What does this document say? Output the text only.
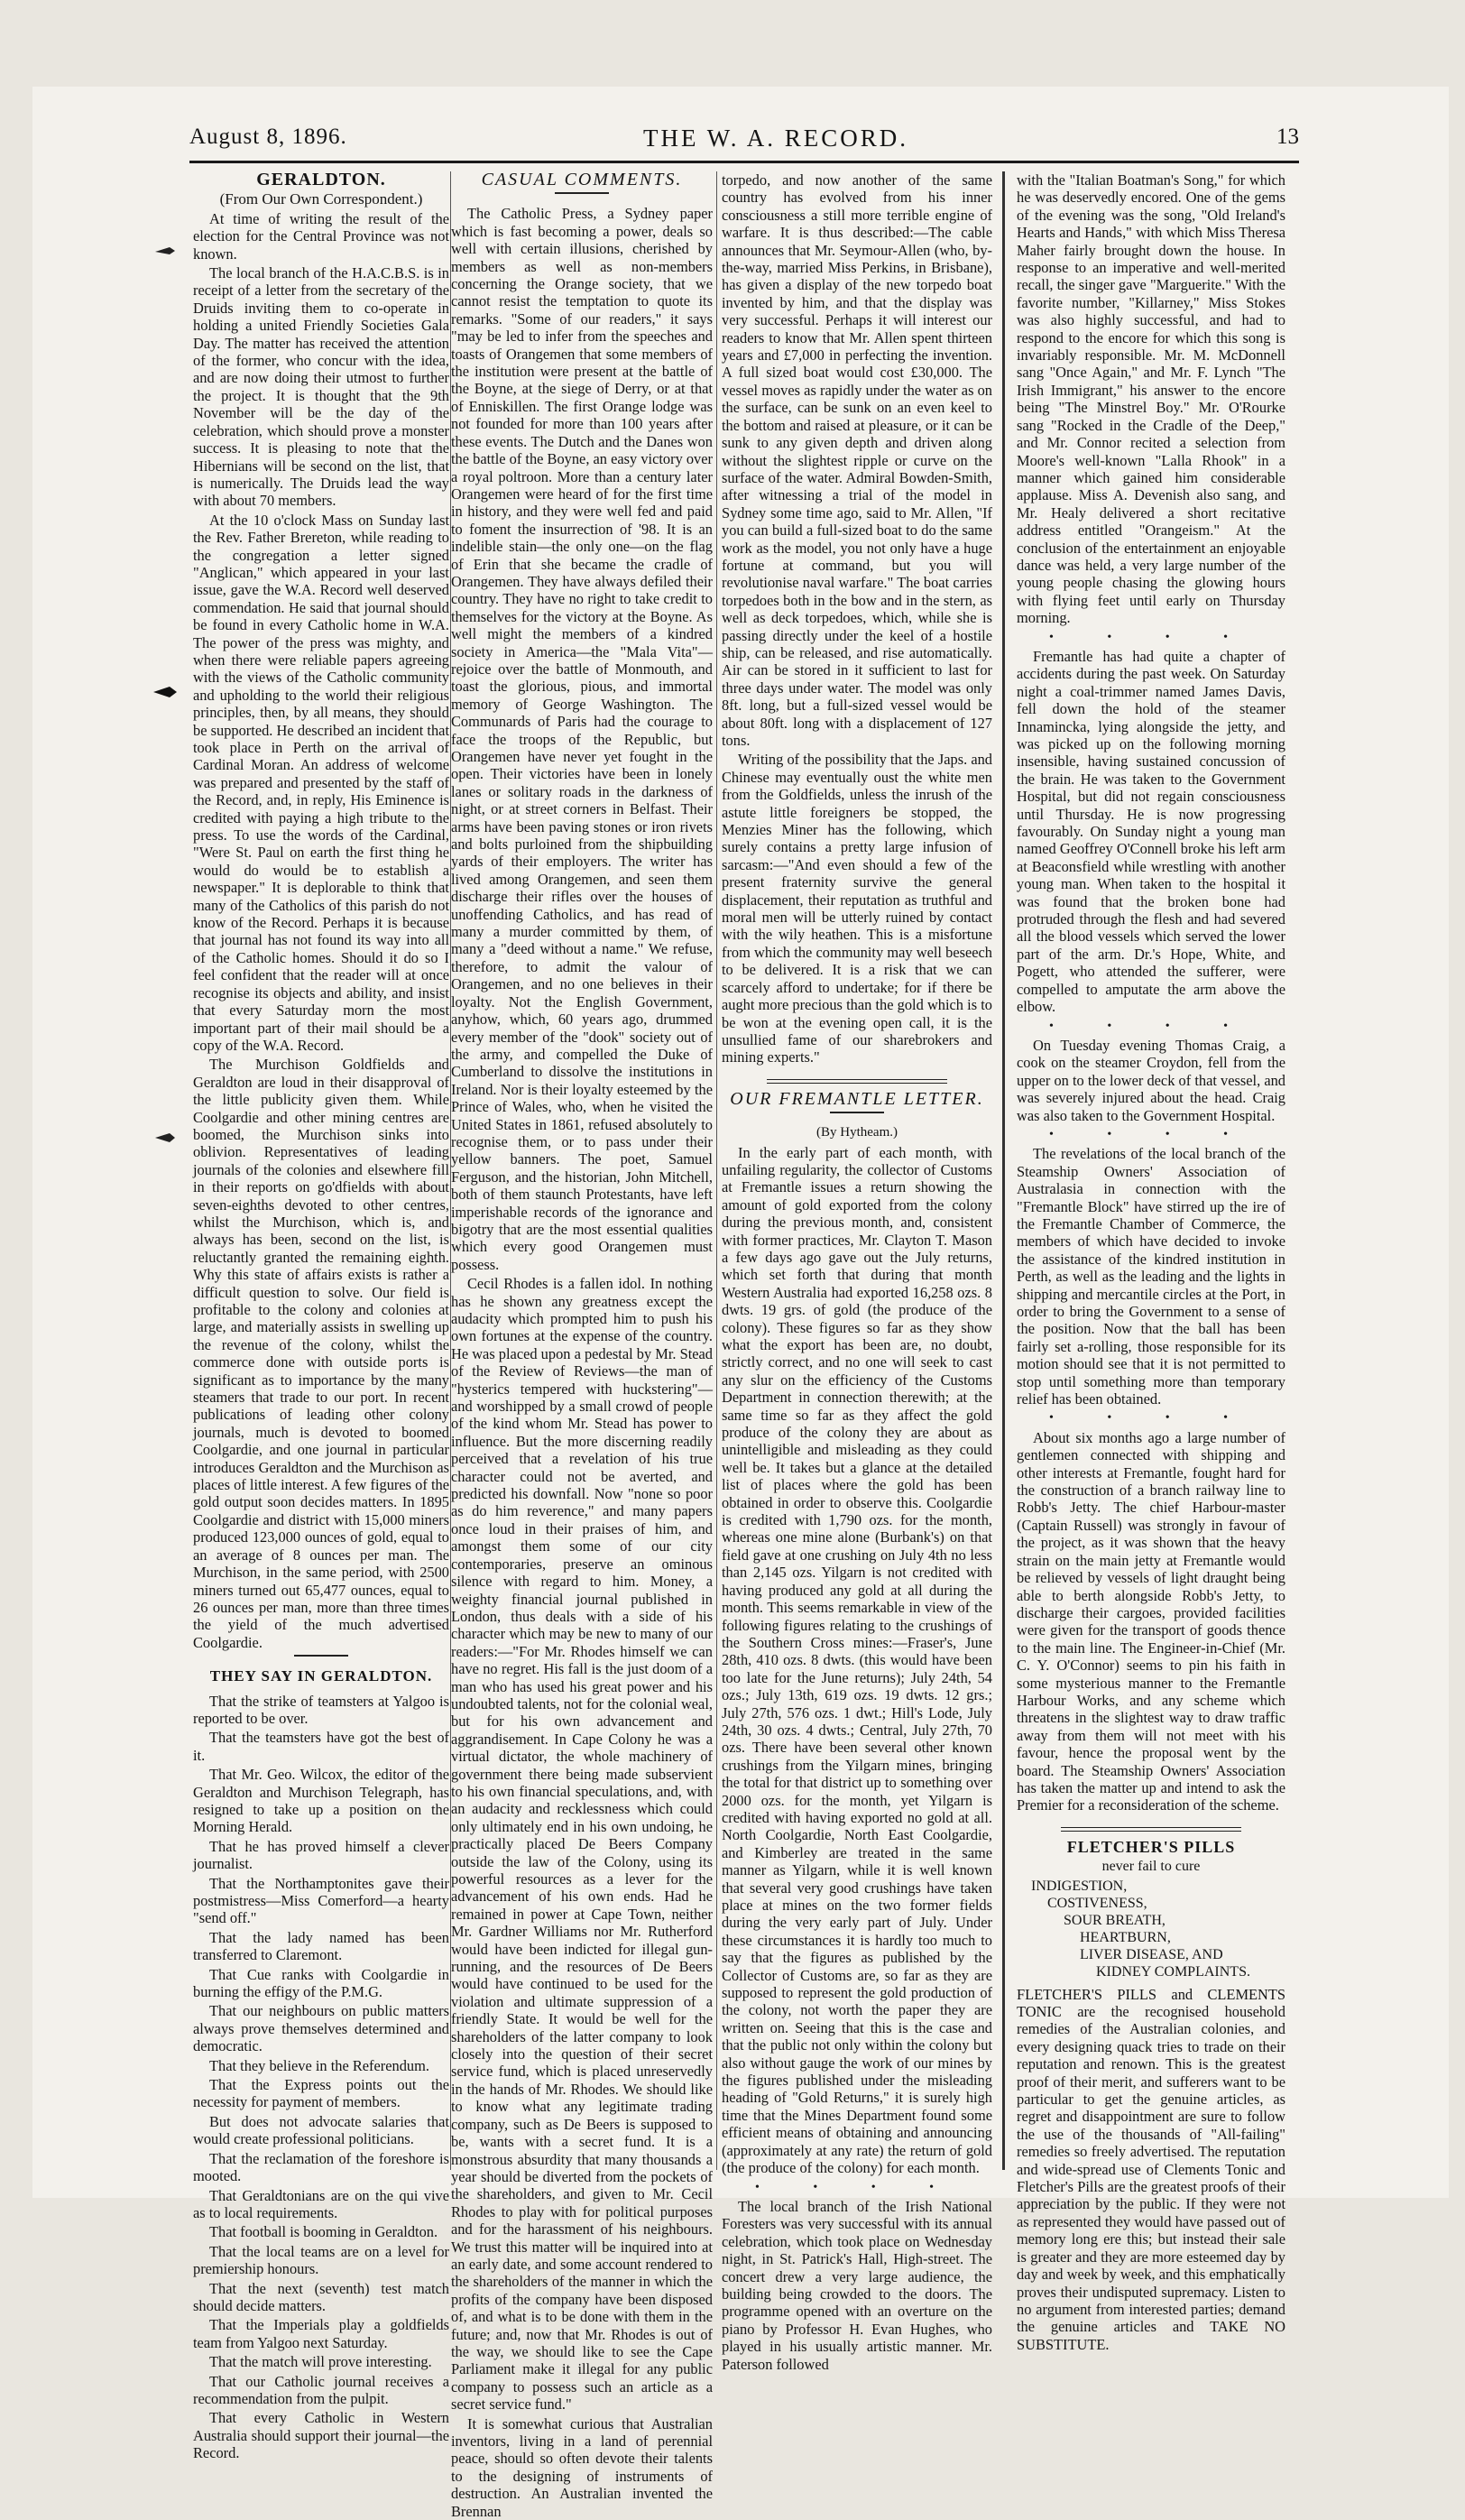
August 8, 1896.	THE W. A. RECORD.	13

GERALDTON.

(From Our Own Correspondent.)

At time of writing the result of the election for the Central Province was not known.

The local branch of the H.A.C.B.S. is in receipt of a letter from the secretary of the Druids inviting them to co-operate in holding a united Friendly Societies Gala Day. The matter has received the attention of the former, who concur with the idea, and are now doing their utmost to further the project. It is thought that the 9th November will be the day of the celebration, which should prove a monster success. It is pleasing to note that the Hibernians will be second on the list, that is numerically. The Druids lead the way with about 70 members.

At the 10 o'clock Mass on Sunday last the Rev. Father Brereton, while reading to the congregation a letter signed "Anglican," which appeared in your last issue, gave the W.A. Record well deserved commendation. He said that journal should be found in every Catholic home in W.A. The power of the press was mighty, and when there were reliable papers agreeing with the views of the Catholic community and upholding to the world their religious principles, then, by all means, they should be supported. He described an incident that took place in Perth on the arrival of Cardinal Moran. An address of welcome was prepared and presented by the staff of the Record, and, in reply, His Eminence is credited with paying a high tribute to the press. To use the words of the Cardinal, "Were St. Paul on earth the first thing he would do would be to establish a newspaper." It is deplorable to think that many of the Catholics of this parish do not know of the Record. Perhaps it is because that journal has not found its way into all of the Catholic homes. Should it do so I feel confident that the reader will at once recognise its objects and ability, and insist that every Saturday morn the most important part of their mail should be a copy of the W.A. Record.

The Murchison Goldfields and Geraldton are loud in their disapproval of the little publicity given them. While Coolgardie and other mining centres are boomed, the Murchison sinks into oblivion. Representatives of leading journals of the colonies and elsewhere fill in their reports on go'dfields with about seven-eighths devoted to other centres, whilst the Murchison, which is, and always has been, second on the list, is reluctantly granted the remaining eighth. Why this state of affairs exists is rather a difficult question to solve. Our field is profitable to the colony and colonies at large, and materially assists in swelling up the revenue of the colony, whilst the commerce done with outside ports is significant as to importance by the many steamers that trade to our port. In recent publications of leading other colony journals, much is devoted to boomed Coolgardie, and one journal in particular introduces Geraldton and the Murchison as places of little interest. A few figures of the gold output soon decides matters. In 1895 Coolgardie and district with 15,000 miners produced 123,000 ounces of gold, equal to an average of 8 ounces per man. The Murchison, in the same period, with 2500 miners turned out 65,477 ounces, equal to 26 ounces per man, more than three times the yield of the much advertised Coolgardie.

THEY SAY IN GERALDTON.

That the strike of teamsters at Yalgoo is reported to be over.

That the teamsters have got the best of it.

That Mr. Geo. Wilcox, the editor of the Geraldton and Murchison Telegraph, has resigned to take up a position on the Morning Herald.

That he has proved himself a clever journalist.

That the Northamptonites gave their postmistress—Miss Comerford—a hearty "send off."

That the lady named has been transferred to Claremont.

That Cue ranks with Coolgardie in burning the effigy of the P.M.G.

That our neighbours on public matters always prove themselves determined and democratic.

That they believe in the Referendum.

That the Express points out the necessity for payment of members.

But does not advocate salaries that would create professional politicians.

That the reclamation of the foreshore is mooted.

That Geraldtonians are on the qui vive as to local requirements.

That football is booming in Geraldton.

That the local teams are on a level for premiership honours.

That the next (seventh) test match should decide matters.

That the Imperials play a goldfields team from Yalgoo next Saturday.

That the match will prove interesting.

That our Catholic journal receives a recommendation from the pulpit.

That every Catholic in Western Australia should support their journal—the Record.

CASUAL COMMENTS.

The Catholic Press, a Sydney paper which is fast becoming a power, deals so well with certain illusions, cherished by members as well as non-members concerning the Orange society, that we cannot resist the temptation to quote its remarks. "Some of our readers," it says "may be led to infer from the speeches and toasts of Orangemen that some members of the institution were present at the battle of the Boyne, at the siege of Derry, or at that of Enniskillen. The first Orange lodge was not founded for more than 100 years after these events. The Dutch and the Danes won the battle of the Boyne, an easy victory over a royal poltroon. More than a century later Orangemen were heard of for the first time in history, and they were well fed and paid to foment the insurrection of '98. It is an indelible stain—the only one—on the flag of Erin that she became the cradle of Orangemen. They have always defiled their country. They have no right to take credit to themselves for the victory at the Boyne. As well might the members of a kindred society in America—the "Mala Vita"—rejoice over the battle of Monmouth, and toast the glorious, pious, and immortal memory of George Washington. The Communards of Paris had the courage to face the troops of the Republic, but Orangemen have never yet fought in the open. Their victories have been in lonely lanes or solitary roads in the darkness of night, or at street corners in Belfast. Their arms have been paving stones or iron rivets and bolts purloined from the shipbuilding yards of their employers. The writer has lived among Orangemen, and seen them discharge their rifles over the houses of unoffending Catholics, and has read of many a murder committed by them, of many a "deed without a name." We refuse, therefore, to admit the valour of Orangemen, and no one believes in their loyalty. Not the English Government, anyhow, which, 60 years ago, drummed every member of the "dook" society out of the army, and compelled the Duke of Cumberland to dissolve the institutions in Ireland. Nor is their loyalty esteemed by the Prince of Wales, who, when he visited the United States in 1861, refused absolutely to recognise them, or to pass under their yellow banners. The poet, Samuel Ferguson, and the historian, John Mitchell, both of them staunch Protestants, have left imperishable records of the ignorance and bigotry that are the most essential qualities which every good Orangemen must possess.

Cecil Rhodes is a fallen idol. In nothing has he shown any greatness except the audacity which prompted him to push his own fortunes at the expense of the country. He was placed upon a pedestal by Mr. Stead of the Review of Reviews—the man of "hysterics tempered with huckstering"—and worshipped by a small crowd of people of the kind whom Mr. Stead has power to influence. But the more discerning readily perceived that a revelation of his true character could not be averted, and predicted his downfall. Now "none so poor as do him reverence," and many papers once loud in their praises of him, and amongst them some of our city contemporaries, preserve an ominous silence with regard to him. Money, a weighty financial journal published in London, thus deals with a side of his character which may be new to many of our readers:—"For Mr. Rhodes himself we can have no regret. His fall is the just doom of a man who has used his great power and his undoubted talents, not for the colonial weal, but for his own advancement and aggrandisement. In Cape Colony he was a virtual dictator, the whole machinery of government there being made subservient to his own financial speculations, and, with an audacity and recklessness which could only ultimately end in his own undoing, he practically placed De Beers Company outside the law of the Colony, using its powerful resources as a lever for the advancement of his own ends. Had he remained in power at Cape Town, neither Mr. Gardner Williams nor Mr. Rutherford would have been indicted for illegal gun-running, and the resources of De Beers would have continued to be used for the violation and ultimate suppression of a friendly State. It would be well for the shareholders of the latter company to look closely into the question of their secret service fund, which is placed unreservedly in the hands of Mr. Rhodes. We should like to know what any legitimate trading company, such as De Beers is supposed to be, wants with a secret fund. It is a monstrous absurdity that many thousands a year should be diverted from the pockets of the shareholders, and given to Mr. Cecil Rhodes to play with for political purposes and for the harassment of his neighbours. We trust this matter will be inquired into at an early date, and some account rendered to the shareholders of the manner in which the profits of the company have been disposed of, and what is to be done with them in the future; and, now that Mr. Rhodes is out of the way, we should like to see the Cape Parliament make it illegal for any public company to possess such an article as a secret service fund."

It is somewhat curious that Australian inventors, living in a land of perennial peace, should so often devote their talents to the designing of instruments of destruction. An Australian invented the Brennan

torpedo, and now another of the same country has evolved from his inner consciousness a still more terrible engine of warfare. It is thus described:—The cable announces that Mr. Seymour-Allen (who, by-the-way, married Miss Perkins, in Brisbane), has given a display of the new torpedo boat invented by him, and that the display was very successful. Perhaps it will interest our readers to know that Mr. Allen spent thirteen years and £7,000 in perfecting the invention. A full sized boat would cost £30,000. The vessel moves as rapidly under the water as on the surface, can be sunk on an even keel to the bottom and raised at pleasure, or it can be sunk to any given depth and driven along without the slightest ripple or curve on the surface of the water. Admiral Bowden-Smith, after witnessing a trial of the model in Sydney some time ago, said to Mr. Allen, "If you can build a full-sized boat to do the same work as the model, you not only have a huge fortune at command, but you will revolutionise naval warfare." The boat carries torpedoes both in the bow and in the stern, as well as deck torpedoes, which, while she is passing directly under the keel of a hostile ship, can be released, and rise automatically. Air can be stored in it sufficient to last for three days under water. The model was only 8ft. long, but a full-sized vessel would be about 80ft. long with a displacement of 127 tons.

Writing of the possibility that the Japs. and Chinese may eventually oust the white men from the Goldfields, unless the inrush of the astute little foreigners be stopped, the Menzies Miner has the following, which surely contains a pretty large infusion of sarcasm:—"And even should a few of the present fraternity survive the general displacement, their reputation as truthful and moral men will be utterly ruined by contact with the wily heathen. This is a misfortune from which the community may well beseech to be delivered. It is a risk that we can scarcely afford to undertake; for if there be aught more precious than the gold which is to be won at the evening open call, it is the unsullied fame of our sharebrokers and mining experts."

OUR FREMANTLE LETTER.

(By Hytheam.)

In the early part of each month, with unfailing regularity, the collector of Customs at Fremantle issues a return showing the amount of gold exported from the colony during the previous month, and, consistent with former practices, Mr. Clayton T. Mason a few days ago gave out the July returns, which set forth that during that month Western Australia had exported 16,258 ozs. 8 dwts. 19 grs. of gold (the produce of the colony). These figures so far as they show what the export has been are, no doubt, strictly correct, and no one will seek to cast any slur on the efficiency of the Customs Department in connection therewith; at the same time so far as they affect the gold produce of the colony they are about as unintelligible and misleading as they could well be. It takes but a glance at the detailed list of places where the gold has been obtained in order to observe this. Coolgardie is credited with 1,790 ozs. for the month, whereas one mine alone (Burbank's) on that field gave at one crushing on July 4th no less than 2,145 ozs. Yilgarn is not credited with having produced any gold at all during the month. This seems remarkable in view of the following figures relating to the crushings of the Southern Cross mines:—Fraser's, June 28th, 410 ozs. 8 dwts. (this would have been too late for the June returns); July 24th, 54 ozs.; July 13th, 619 ozs. 19 dwts. 12 grs.; July 27th, 576 ozs. 1 dwt.; Hill's Lode, July 24th, 30 ozs. 4 dwts.; Central, July 27th, 70 ozs. There have been several other known crushings from the Yilgarn mines, bringing the total for that district up to something over 2000 ozs. for the month, yet Yilgarn is credited with having exported no gold at all. North Coolgardie, North East Coolgardie, and Kimberley are treated in the same manner as Yilgarn, while it is well known that several very good crushings have taken place at mines on the two former fields during the very early part of July. Under these circumstances it is hardly too much to say that the figures as published by the Collector of Customs are, so far as they are supposed to represent the gold production of the colony, not worth the paper they are written on. Seeing that this is the case and that the public not only within the colony but also without gauge the work of our mines by the figures published under the misleading heading of "Gold Returns," it is surely high time that the Mines Department found some efficient means of obtaining and announcing (approximately at any rate) the return of gold (the produce of the colony) for each month.

• • • •

The local branch of the Irish National Foresters was very successful with its annual celebration, which took place on Wednesday night, in St. Patrick's Hall, High-street. The concert drew a very large audience, the building being crowded to the doors. The programme opened with an overture on the piano by Professor H. Evan Hughes, who played in his usually artistic manner. Mr. Paterson followed

with the "Italian Boatman's Song," for which he was deservedly encored. One of the gems of the evening was the song, "Old Ireland's Hearts and Hands," with which Miss Theresa Maher fairly brought down the house. In response to an imperative and well-merited recall, the singer gave "Marguerite." With the favorite number, "Killarney," Miss Stokes was also highly successful, and had to respond to the encore for which this song is invariably responsible. Mr. M. McDonnell sang "Once Again," and Mr. F. Lynch "The Irish Immigrant," his answer to the encore being "The Minstrel Boy." Mr. O'Rourke sang "Rocked in the Cradle of the Deep," and Mr. Connor recited a selection from Moore's well-known "Lalla Rhook" in a manner which gained him considerable applause. Miss A. Devenish also sang, and Mr. Healy delivered a short recitative address entitled "Orangeism." At the conclusion of the entertainment an enjoyable dance was held, a very large number of the young people chasing the glowing hours with flying feet until early on Thursday morning.

• • • •

Fremantle has had quite a chapter of accidents during the past week. On Saturday night a coal-trimmer named James Davis, fell down the hold of the steamer Innamincka, lying alongside the jetty, and was picked up on the following morning insensible, having sustained concussion of the brain. He was taken to the Government Hospital, but did not regain consciousness until Thursday. He is now progressing favourably. On Sunday night a young man named Geoffrey O'Connell broke his left arm at Beaconsfield while wrestling with another young man. When taken to the hospital it was found that the broken bone had protruded through the flesh and had severed all the blood vessels which served the lower part of the arm. Dr.'s Hope, White, and Pogett, who attended the sufferer, were compelled to amputate the arm above the elbow.

• • • •

On Tuesday evening Thomas Craig, a cook on the steamer Croydon, fell from the upper on to the lower deck of that vessel, and was severely injured about the head. Craig was also taken to the Government Hospital.

• • • •

The revelations of the local branch of the Steamship Owners' Association of Australasia in connection with the "Fremantle Block" have stirred up the ire of the Fremantle Chamber of Commerce, the members of which have decided to invoke the assistance of the kindred institution in Perth, as well as the leading and the lights in shipping and mercantile circles at the Port, in order to bring the Government to a sense of the position. Now that the ball has been fairly set a-rolling, those responsible for its motion should see that it is not permitted to stop until something more than temporary relief has been obtained.

• • • •

About six months ago a large number of gentlemen connected with shipping and other interests at Fremantle, fought hard for the construction of a branch railway line to Robb's Jetty. The chief Harbour-master (Captain Russell) was strongly in favour of the project, as it was shown that the heavy strain on the main jetty at Fremantle would be relieved by vessels of light draught being able to berth alongside Robb's Jetty, to discharge their cargoes, provided facilities were given for the transport of goods thence to the main line. The Engineer-in-Chief (Mr. C. Y. O'Connor) seems to pin his faith in some mysterious manner to the Fremantle Harbour Works, and any scheme which threatens in the slightest way to draw traffic away from them will not meet with his favour, hence the proposal went by the board. The Steamship Owners' Association has taken the matter up and intend to ask the Premier for a reconsideration of the scheme.

FLETCHER'S PILLS

never fail to cure

INDIGESTION,
COSTIVENESS,
SOUR BREATH,
HEARTBURN,
LIVER DISEASE, AND
KIDNEY COMPLAINTS.

FLETCHER'S PILLS and CLEMENTS TONIC are the recognised household remedies of the Australian colonies, and every designing quack tries to trade on their reputation and renown. This is the greatest proof of their merit, and sufferers want to be particular to get the genuine articles, as regret and disappointment are sure to follow the use of the thousands of "All-failing" remedies so freely advertised. The reputation and wide-spread use of Clements Tonic and Fletcher's Pills are the greatest proofs of their appreciation by the public. If they were not as represented they would have passed out of memory long ere this; but instead their sale is greater and they are more esteemed day by day and week by week, and this emphatically proves their undisputed supremacy. Listen to no argument from interested parties; demand the genuine articles and TAKE NO SUBSTITUTE.
